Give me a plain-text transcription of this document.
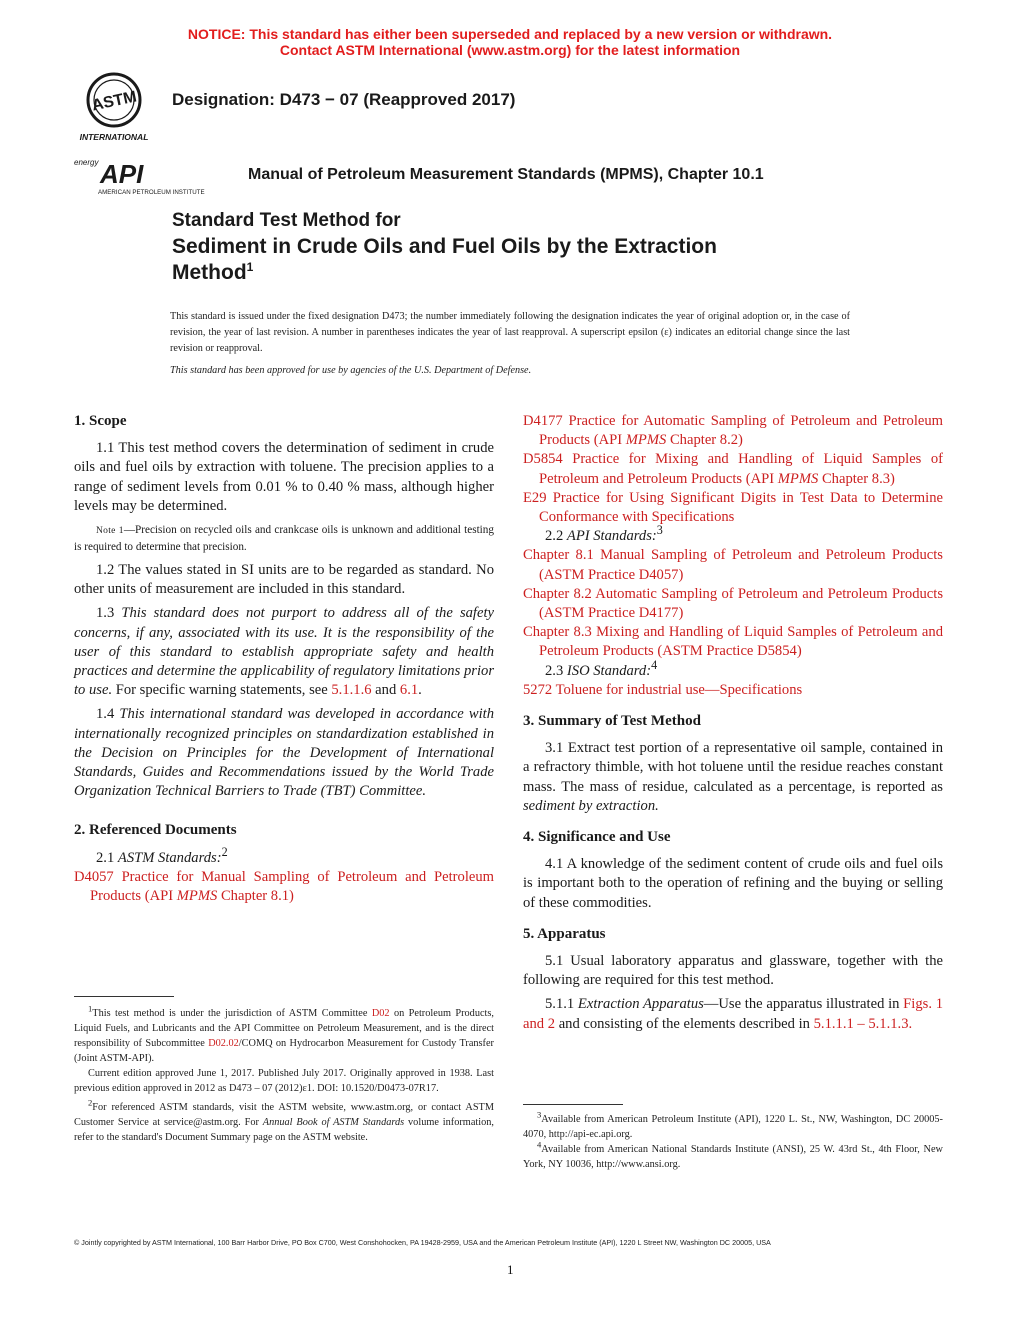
NOTICE: This standard has either been superseded and replaced by a new version or withdrawn.
Contact ASTM International (www.astm.org) for the latest information
ASTM
INTERNATIONAL
energy API
AMERICAN PETROLEUM INSTITUTE
Designation: D473 − 07 (Reapproved 2017)
Manual of Petroleum Measurement Standards (MPMS), Chapter 10.1
Standard Test Method for
Sediment in Crude Oils and Fuel Oils by the Extraction
Method$^1$
This standard is issued under the fixed designation D473; the number immediately following the designation indicates the year of original adoption or, in the case of revision, the year of last revision. A number in parentheses indicates the year of last reapproval. A superscript epsilon (ε) indicates an editorial change since the last revision or reapproval.
This standard has been approved for use by agencies of the U.S. Department of Defense.
1. Scope
1.1 This test method covers the determination of sediment in crude oils and fuel oils by extraction with toluene. The precision applies to a range of sediment levels from 0.01 % to 0.40 % mass, although higher levels may be determined.
Note 1—Precision on recycled oils and crankcase oils is unknown and additional testing is required to determine that precision.
1.2 The values stated in SI units are to be regarded as standard. No other units of measurement are included in this standard.
1.3 This standard does not purport to address all of the safety concerns, if any, associated with its use. It is the responsibility of the user of this standard to establish appropriate safety and health practices and determine the applicability of regulatory limitations prior to use. For specific warning statements, see 5.1.1.6 and 6.1.
1.4 This international standard was developed in accordance with internationally recognized principles on standardization established in the Decision on Principles for the Development of International Standards, Guides and Recommendations issued by the World Trade Organization Technical Barriers to Trade (TBT) Committee.
2. Referenced Documents
2.1 ASTM Standards:$^2$
D4057 Practice for Manual Sampling of Petroleum and Petroleum Products (API MPMS Chapter 8.1)

$^1$This test method is under the jurisdiction of ASTM Committee D02 on Petroleum Products, Liquid Fuels, and Lubricants and the API Committee on Petroleum Measurement, and is the direct responsibility of Subcommittee D02.02/COMQ on Hydrocarbon Measurement for Custody Transfer (Joint ASTM-API).

Current edition approved June 1, 2017. Published July 2017. Originally approved in 1938. Last previous edition approved in 2012 as D473 – 07 (2012)ε1. DOI: 10.1520/D0473-07R17.

$^2$For referenced ASTM standards, visit the ASTM website, www.astm.org, or contact ASTM Customer Service at service@astm.org. For Annual Book of ASTM Standards volume information, refer to the standard's Document Summary page on the ASTM website.

D4177 Practice for Automatic Sampling of Petroleum and Petroleum Products (API MPMS Chapter 8.2)
D5854 Practice for Mixing and Handling of Liquid Samples of Petroleum and Petroleum Products (API MPMS Chapter 8.3)
E29 Practice for Using Significant Digits in Test Data to Determine Conformance with Specifications
2.2 API Standards:$^3$
Chapter 8.1 Manual Sampling of Petroleum and Petroleum Products (ASTM Practice D4057)
Chapter 8.2 Automatic Sampling of Petroleum and Petroleum Products (ASTM Practice D4177)
Chapter 8.3 Mixing and Handling of Liquid Samples of Petroleum and Petroleum Products (ASTM Practice D5854)
2.3 ISO Standard:$^4$
5272 Toluene for industrial use—Specifications
3. Summary of Test Method
3.1 Extract test portion of a representative oil sample, contained in a refractory thimble, with hot toluene until the residue reaches constant mass. The mass of residue, calculated as a percentage, is reported as sediment by extraction.
4. Significance and Use
4.1 A knowledge of the sediment content of crude oils and fuel oils is important both to the operation of refining and the buying or selling of these commodities.
5. Apparatus
5.1 Usual laboratory apparatus and glassware, together with the following are required for this test method.
5.1.1 Extraction Apparatus—Use the apparatus illustrated in Figs. 1 and 2 and consisting of the elements described in 5.1.1.1 – 5.1.1.3.

$^3$Available from American Petroleum Institute (API), 1220 L. St., NW, Washington, DC 20005-4070, http://api-ec.api.org.

$^4$Available from American National Standards Institute (ANSI), 25 W. 43rd St., 4th Floor, New York, NY 10036, http://www.ansi.org.

© Jointly copyrighted by ASTM International, 100 Barr Harbor Drive, PO Box C700, West Conshohocken, PA 19428-2959, USA and the American Petroleum Institute (API), 1220 L Street NW, Washington DC 20005, USA
1
